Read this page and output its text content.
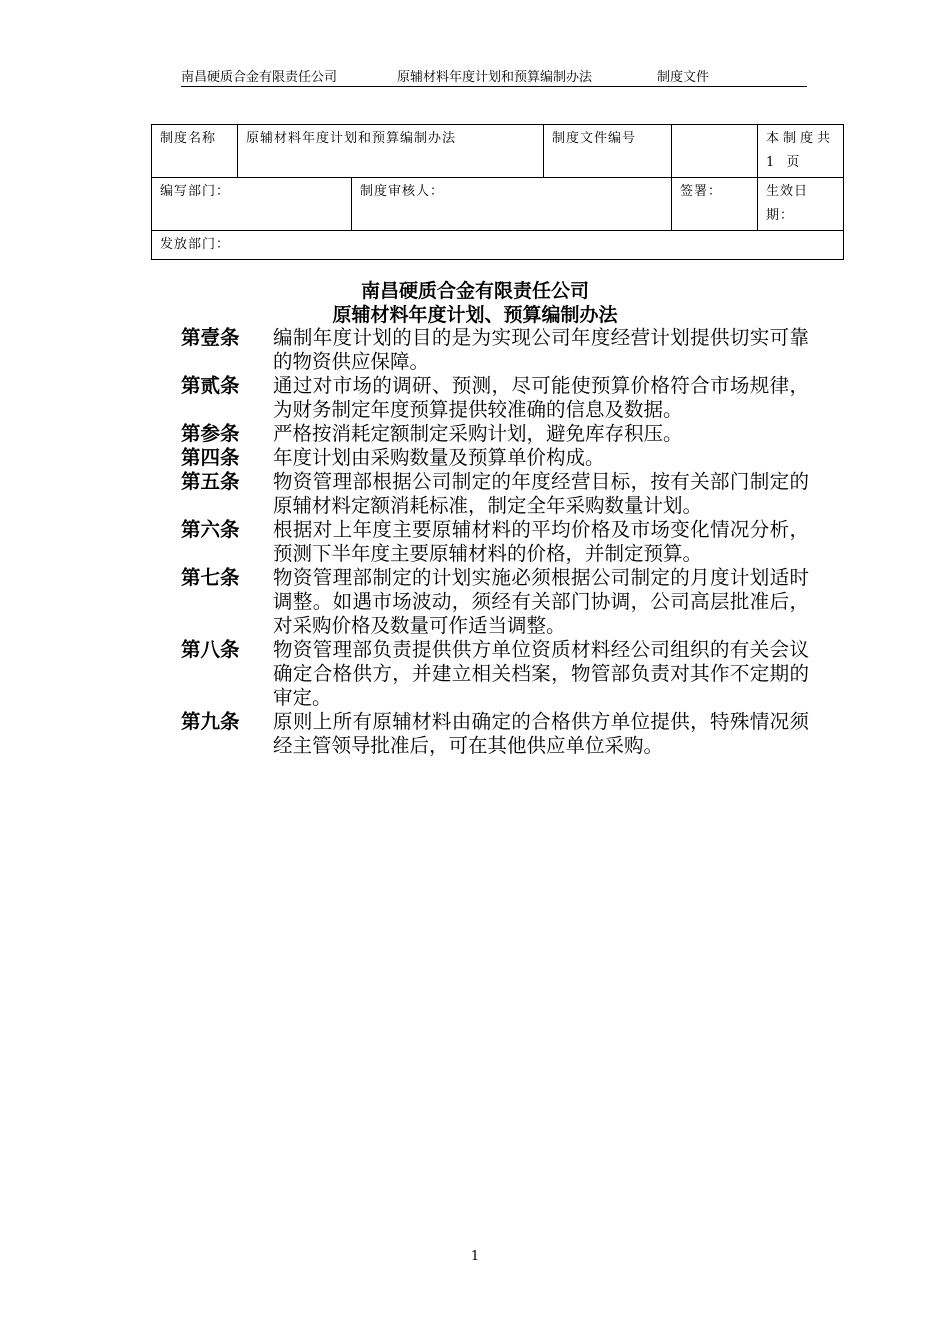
南昌硬质合金有限责任公司	原辅材料年度计划和预算编制办法	制度文件
制度名称	原辅材料年度计划和预算编制办法		制度文件编号		本制度共 1 页
编写部门：		制度审核人：		签署：	生效日期：
发放部门：					
南昌硬质合金有限责任公司
原辅材料年度计划、预算编制办法
第壹条	编制年度计划的目的是为实现公司年度经营计划提供切实可靠的物资供应保障。
第贰条	通过对市场的调研、预测，尽可能使预算价格符合市场规律，为财务制定年度预算提供较准确的信息及数据。
第参条	严格按消耗定额制定采购计划，避免库存积压。
第四条	年度计划由采购数量及预算单价构成。
第五条	物资管理部根据公司制定的年度经营目标，按有关部门制定的原辅材料定额消耗标准，制定全年采购数量计划。
第六条	根据对上年度主要原辅材料的平均价格及市场变化情况分析，预测下半年度主要原辅材料的价格，并制定预算。
第七条	物资管理部制定的计划实施必须根据公司制定的月度计划适时调整。如遇市场波动，须经有关部门协调，公司高层批准后，对采购价格及数量可作适当调整。
第八条	物资管理部负责提供供方单位资质材料经公司组织的有关会议确定合格供方，并建立相关档案，物管部负责对其作不定期的审定。
第九条	原则上所有原辅材料由确定的合格供方单位提供，特殊情况须经主管领导批准后，可在其他供应单位采购。
1
